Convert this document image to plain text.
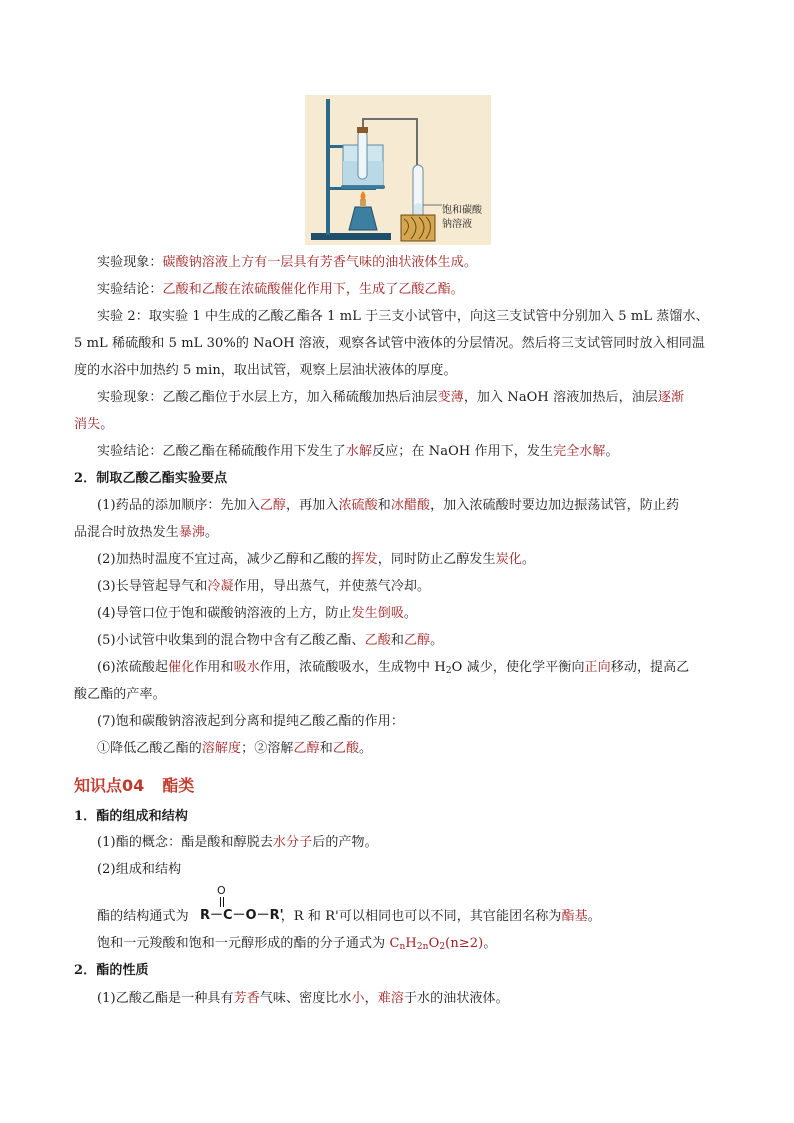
饱和碳酸
钠溶液
实验现象：碳酸钠溶液上方有一层具有芳香气味的油状液体生成。
实验结论：乙酸和乙酸在浓硫酸催化作用下，生成了乙酸乙酯。
实验 2：取实验 1 中生成的乙酸乙酯各 1 mL 于三支小试管中，向这三支试管中分别加入 5 mL 蒸馏水、
5 mL 稀硫酸和 5 mL 30%的 NaOH 溶液，观察各试管中液体的分层情况。然后将三支试管同时放入相同温
度的水浴中加热约 5 min，取出试管，观察上层油状液体的厚度。
实验现象：乙酸乙酯位于水层上方，加入稀硫酸加热后油层变薄，加入 NaOH 溶液加热后，油层逐渐
消失。
实验结论：乙酸乙酯在稀硫酸作用下发生了水解反应；在 NaOH 作用下，发生完全水解。
2．制取乙酸乙酯实验要点
(1)药品的添加顺序：先加入乙醇，再加入浓硫酸和冰醋酸，加入浓硫酸时要边加边振荡试管，防止药
品混合时放热发生暴沸。
(2)加热时温度不宜过高，减少乙醇和乙酸的挥发，同时防止乙醇发生炭化。
(3)长导管起导气和冷凝作用，导出蒸气，并使蒸气冷却。
(4)导管口位于饱和碳酸钠溶液的上方，防止发生倒吸。
(5)小试管中收集到的混合物中含有乙酸乙酯、乙酸和乙醇。
(6)浓硫酸起催化作用和吸水作用，浓硫酸吸水，生成物中 $H_2O$ 减少，使化学平衡向正向移动，提高乙
酸乙酯的产率。
(7)饱和碳酸钠溶液起到分离和提纯乙酸乙酯的作用：
①降低乙酸乙酯的溶解度；②溶解乙醇和乙酸。
知识点04 酯类
1．酯的组成和结构
(1)酯的概念：酯是酸和醇脱去水分子后的产物。
(2)组成和结构
O
R－C－O－R'
酯的结构通式为	，R 和 R'可以相同也可以不同，其官能团名称为酯基。
饱和一元羧酸和饱和一元醇形成的酯的分子通式为 $C_nH_{2n}O_2(n\ge 2)$。
2．酯的性质
(1)乙酸乙酯是一种具有芳香气味、密度比水小，难溶于水的油状液体。
